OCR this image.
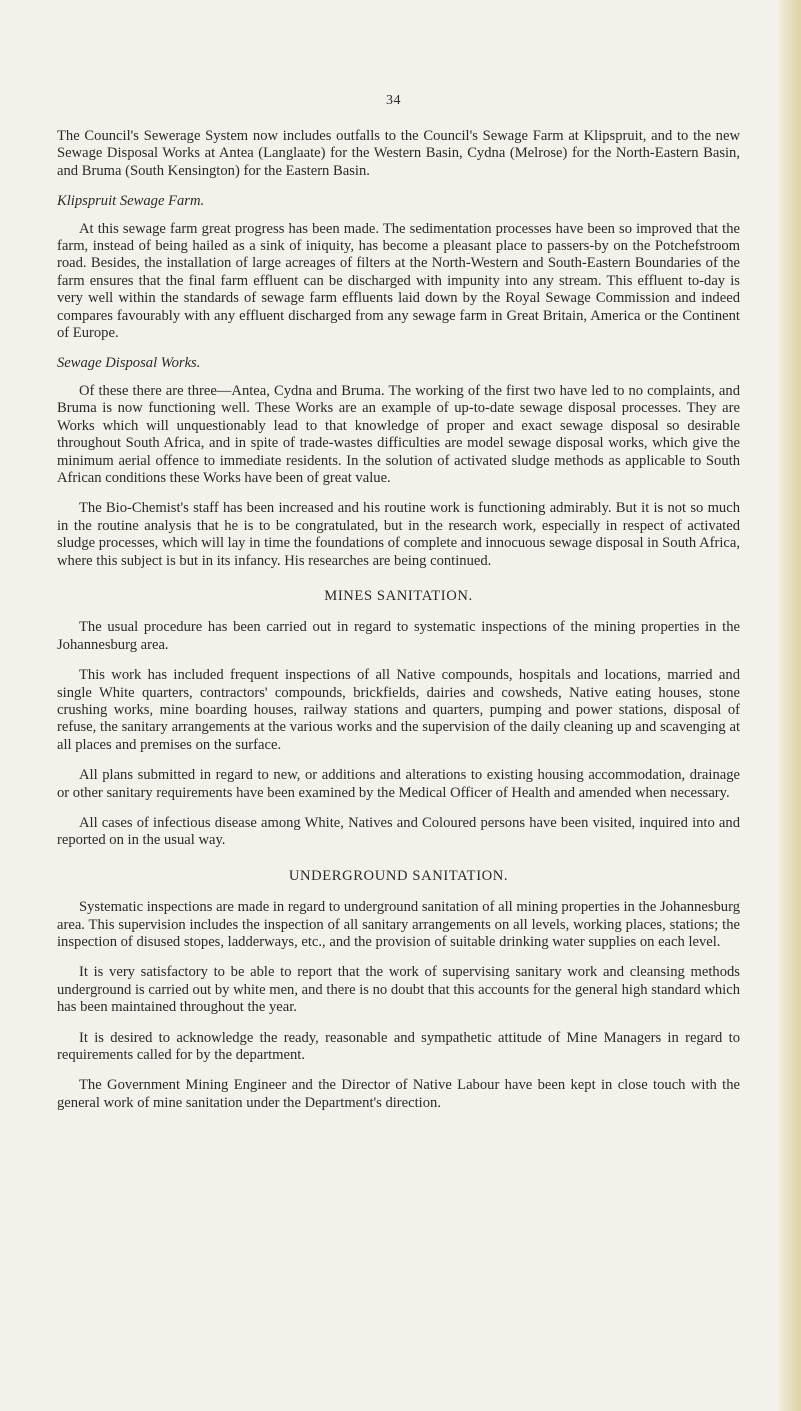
34

The Council's Sewerage System now includes outfalls to the Council's Sewage Farm at Klipspruit, and to the new Sewage Disposal Works at Antea (Langlaate) for the Western Basin, Cydna (Melrose) for the North-Eastern Basin, and Bruma (South Kensington) for the Eastern Basin.

Klipspruit Sewage Farm.

At this sewage farm great progress has been made. The sedimentation processes have been so improved that the farm, instead of being hailed as a sink of iniquity, has become a pleasant place to passers-by on the Potchefstroom road. Besides, the installation of large acreages of filters at the North-Western and South-Eastern Boundaries of the farm ensures that the final farm effluent can be discharged with impunity into any stream. This effluent to-day is very well within the standards of sewage farm effluents laid down by the Royal Sewage Commission and indeed compares favourably with any effluent discharged from any sewage farm in Great Britain, America or the Continent of Europe.

Sewage Disposal Works.

Of these there are three—Antea, Cydna and Bruma. The working of the first two have led to no complaints, and Bruma is now functioning well. These Works are an example of up-to-date sewage disposal processes. They are Works which will unquestionably lead to that knowledge of proper and exact sewage disposal so desirable throughout South Africa, and in spite of trade-wastes difficulties are model sewage disposal works, which give the minimum aerial offence to immediate residents. In the solution of activated sludge methods as applicable to South African conditions these Works have been of great value.

The Bio-Chemist's staff has been increased and his routine work is functioning admirably. But it is not so much in the routine analysis that he is to be congratulated, but in the research work, especially in respect of activated sludge processes, which will lay in time the foundations of complete and innocuous sewage disposal in South Africa, where this subject is but in its infancy. His researches are being continued.

MINES SANITATION.

The usual procedure has been carried out in regard to systematic inspections of the mining properties in the Johannesburg area.

This work has included frequent inspections of all Native compounds, hospitals and locations, married and single White quarters, contractors' compounds, brickfields, dairies and cowsheds, Native eating houses, stone crushing works, mine boarding houses, railway stations and quarters, pumping and power stations, disposal of refuse, the sanitary arrangements at the various works and the supervision of the daily cleaning up and scavenging at all places and premises on the surface.

All plans submitted in regard to new, or additions and alterations to existing housing accommodation, drainage or other sanitary requirements have been examined by the Medical Officer of Health and amended when necessary.

All cases of infectious disease among White, Natives and Coloured persons have been visited, inquired into and reported on in the usual way.

UNDERGROUND SANITATION.

Systematic inspections are made in regard to underground sanitation of all mining properties in the Johannesburg area. This supervision includes the inspection of all sanitary arrangements on all levels, working places, stations; the inspection of disused stopes, ladderways, etc., and the provision of suitable drinking water supplies on each level.

It is very satisfactory to be able to report that the work of supervising sanitary work and cleansing methods underground is carried out by white men, and there is no doubt that this accounts for the general high standard which has been maintained throughout the year.

It is desired to acknowledge the ready, reasonable and sympathetic attitude of Mine Managers in regard to requirements called for by the department.

The Government Mining Engineer and the Director of Native Labour have been kept in close touch with the general work of mine sanitation under the Department's direction.
